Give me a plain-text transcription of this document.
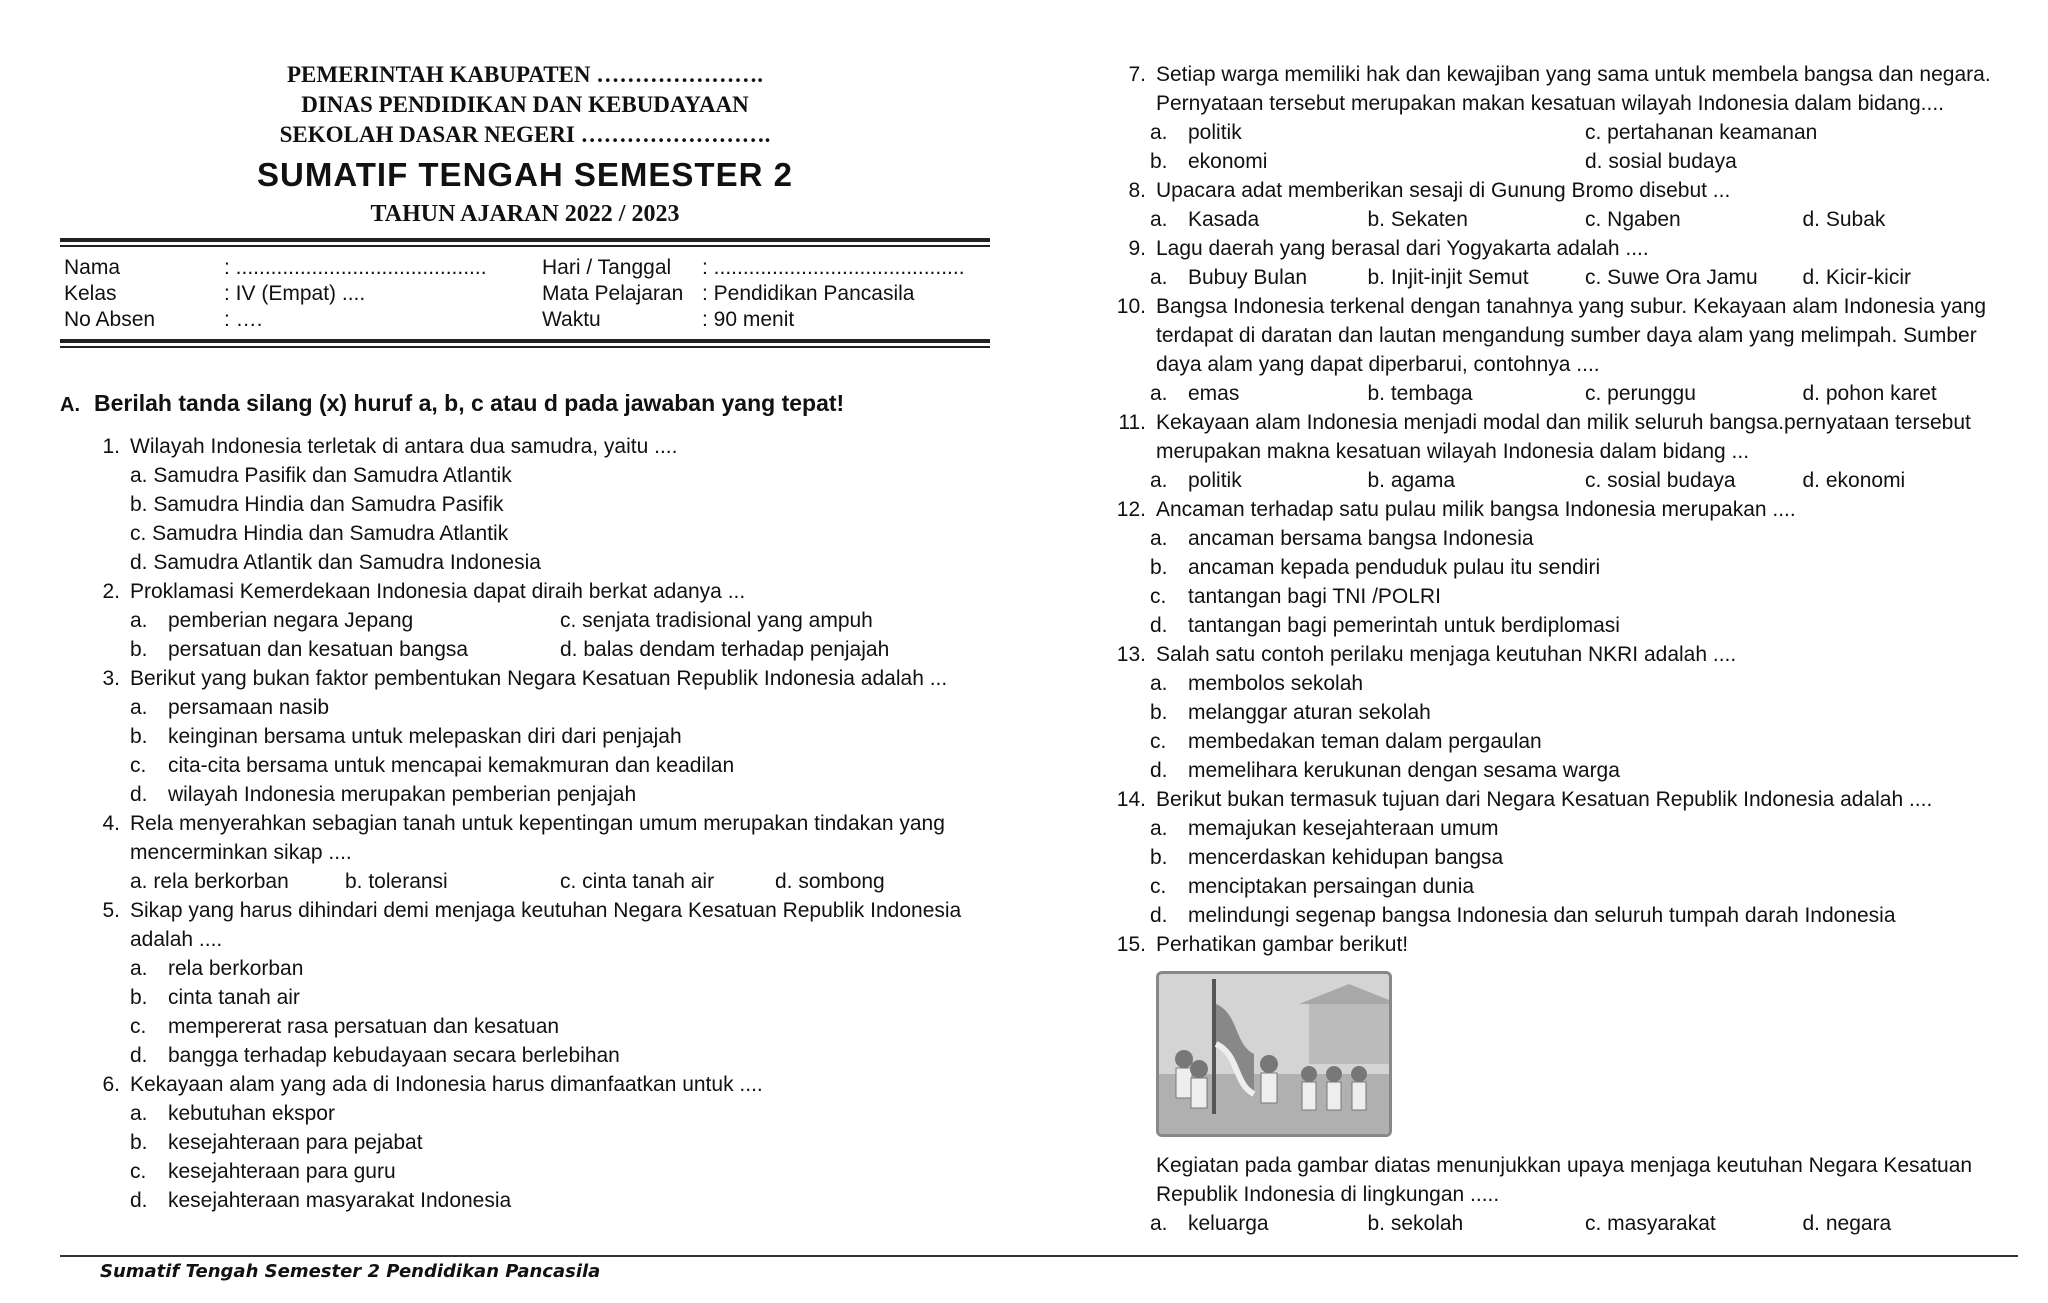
PEMERINTAH KABUPATEN ………………….
DINAS PENDIDIKAN DAN KEBUDAYAAN
SEKOLAH DASAR NEGERI …………………….
SUMATIF TENGAH SEMESTER 2
TAHUN AJARAN 2022 / 2023
Nama	: ...........................................	Hari / Tanggal	: ...........................................
Kelas	: IV (Empat) ....	Mata Pelajaran : Pendidikan Pancasila
No Absen	: ….	Waktu	: 90 menit
A. Berilah tanda silang (x) huruf a, b, c atau d pada jawaban yang tepat!
1. Wilayah Indonesia terletak di antara dua samudra, yaitu ....
a. Samudra Pasifik dan Samudra Atlantik
b. Samudra Hindia dan Samudra Pasifik
c. Samudra Hindia dan Samudra Atlantik
d. Samudra Atlantik dan Samudra Indonesia
2. Proklamasi Kemerdekaan Indonesia dapat diraih berkat adanya ...
a. pemberian negara Jepang	c. senjata tradisional yang ampuh
b. persatuan dan kesatuan bangsa	d. balas dendam terhadap penjajah
3. Berikut yang bukan faktor pembentukan Negara Kesatuan Republik Indonesia adalah ...
a. persamaan nasib
b. keinginan bersama untuk melepaskan diri dari penjajah
c.	cita-cita bersama untuk mencapai kemakmuran dan keadilan
d. wilayah Indonesia merupakan pemberian penjajah
4. Rela menyerahkan sebagian tanah untuk kepentingan umum merupakan tindakan yang mencerminkan sikap ....
a. rela berkorban	b. toleransi	c. cinta tanah air	d. sombong
5. Sikap yang harus dihindari demi menjaga keutuhan Negara Kesatuan Republik Indonesia adalah ....
a. rela berkorban
b. cinta tanah air
c.	mempererat rasa persatuan dan kesatuan
d. bangga terhadap kebudayaan secara berlebihan
6. Kekayaan alam yang ada di Indonesia harus dimanfaatkan untuk ....
a. kebutuhan ekspor
b. kesejahteraan para pejabat
c.	kesejahteraan para guru
d. kesejahteraan masyarakat Indonesia
7. Setiap warga memiliki hak dan kewajiban yang sama untuk membela bangsa dan negara. Pernyataan tersebut merupakan makan kesatuan wilayah Indonesia dalam bidang....
a. politik	c. pertahanan keamanan
b. ekonomi	d. sosial budaya
8. Upacara adat memberikan sesaji di Gunung Bromo disebut ...
a. Kasada	b. Sekaten	c. Ngaben	d. Subak
9. Lagu daerah yang berasal dari Yogyakarta adalah ....
a. Bubuy Bulan	b. Injit-injit Semut	c. Suwe Ora Jamu	d. Kicir-kicir
10. Bangsa Indonesia terkenal dengan tanahnya yang subur. Kekayaan alam Indonesia yang terdapat di daratan dan lautan mengandung sumber daya alam yang melimpah. Sumber daya alam yang dapat diperbarui, contohnya ....
a. emas	b. tembaga	c. perunggu	d. pohon karet
11. Kekayaan alam Indonesia menjadi modal dan milik seluruh bangsa.pernyataan tersebut merupakan makna kesatuan wilayah Indonesia dalam bidang ...
a. politik	b. agama	c. sosial budaya	d. ekonomi
12. Ancaman terhadap satu pulau milik bangsa Indonesia merupakan ....
a. ancaman bersama bangsa Indonesia
b. ancaman kepada penduduk pulau itu sendiri
c.	tantangan bagi TNI /POLRI
d. tantangan bagi pemerintah untuk berdiplomasi
13. Salah satu contoh perilaku menjaga keutuhan NKRI adalah ....
a. membolos sekolah
b. melanggar aturan sekolah
c.	membedakan teman dalam pergaulan
d. memelihara kerukunan dengan sesama warga
14. Berikut bukan termasuk tujuan dari Negara Kesatuan Republik Indonesia adalah ....
a. memajukan kesejahteraan umum
b. mencerdaskan kehidupan bangsa
c.	menciptakan persaingan dunia
d. melindungi segenap bangsa Indonesia dan seluruh tumpah darah Indonesia
15. Perhatikan gambar berikut!
Kegiatan pada gambar diatas menunjukkan upaya menjaga keutuhan Negara Kesatuan Republik Indonesia di lingkungan .....
a. keluarga	b. sekolah	c. masyarakat	d. negara
Sumatif Tengah Semester 2 Pendidikan Pancasila
